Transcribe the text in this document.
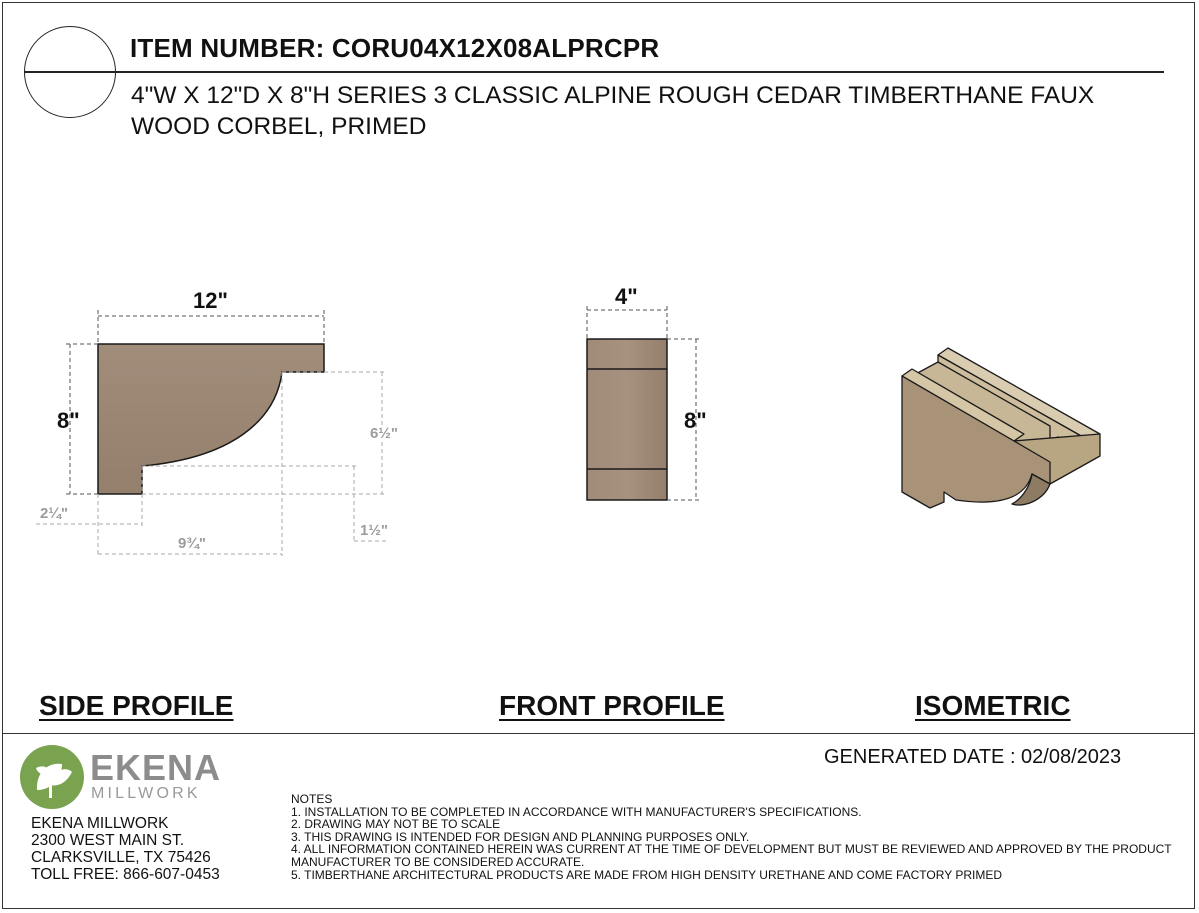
ITEM NUMBER: CORU04X12X08ALPRCPR
4"W X 12"D X 8"H SERIES 3 CLASSIC ALPINE ROUGH CEDAR TIMBERTHANE FAUX WOOD CORBEL, PRIMED
12"
8"
6½"
2¼"
9¾"
1½"
4"
8"
SIDE PROFILE	FRONT PROFILE	ISOMETRIC
EKENA
MILLWORK
EKENA MILLWORK
2300 WEST MAIN ST.
CLARKSVILLE, TX 75426
TOLL FREE: 866-607-0453
GENERATED DATE : 02/08/2023
NOTES
1. INSTALLATION TO BE COMPLETED IN ACCORDANCE WITH MANUFACTURER'S SPECIFICATIONS.
2. DRAWING MAY NOT BE TO SCALE
3. THIS DRAWING IS INTENDED FOR DESIGN AND PLANNING PURPOSES ONLY.
4. ALL INFORMATION CONTAINED HEREIN WAS CURRENT AT THE TIME OF DEVELOPMENT BUT MUST BE REVIEWED AND APPROVED BY THE PRODUCT MANUFACTURER TO BE CONSIDERED ACCURATE.
5. TIMBERTHANE ARCHITECTURAL PRODUCTS ARE MADE FROM HIGH DENSITY URETHANE AND COME FACTORY PRIMED
